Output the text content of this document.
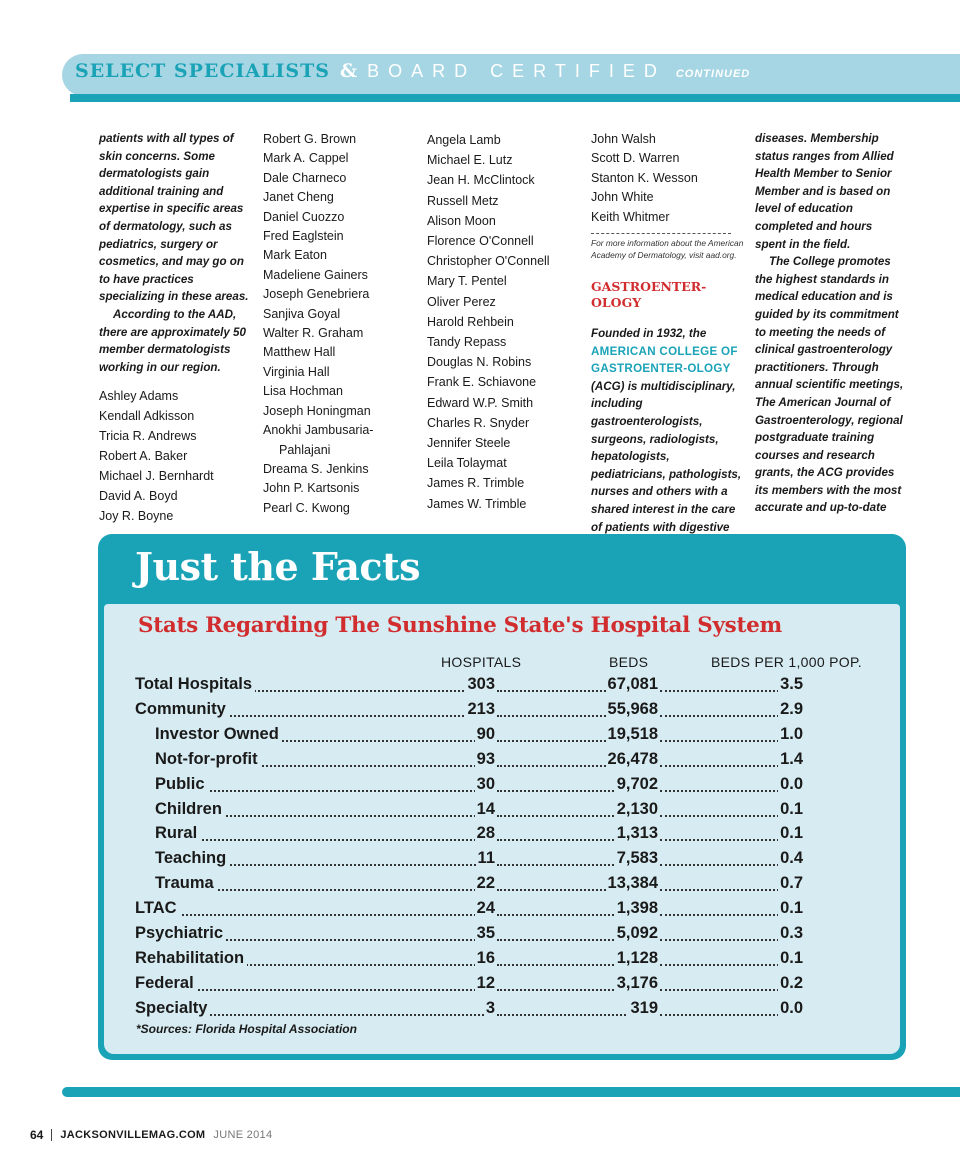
SELECT SPECIALISTS & BOARD CERTIFIED CONTINUED

patients with all types of skin concerns. Some dermatologists gain additional training and expertise in specific areas of dermatology, such as pediatrics, surgery or cosmetics, and may go on to have practices specializing in these areas.

According to the AAD, there are approximately 50 member dermatologists working in our region.

Ashley Adams
Kendall Adkisson
Tricia R. Andrews
Robert A. Baker
Michael J. Bernhardt
David A. Boyd
Joy R. Boyne
Robert G. Brown
Mark A. Cappel
Dale Charneco
Janet Cheng
Daniel Cuozzo
Fred Eaglstein
Mark Eaton
Madeliene Gainers
Joseph Genebriera
Sanjiva Goyal
Walter R. Graham
Matthew Hall
Virginia Hall
Lisa Hochman
Joseph Honingman
Anokhi Jambusaria-Pahlajani
Dreama S. Jenkins
John P. Kartsonis
Pearl C. Kwong
Angela Lamb
Michael E. Lutz
Jean H. McClintock
Russell Metz
Alison Moon
Florence O'Connell
Christopher O'Connell
Mary T. Pentel
Oliver Perez
Harold Rehbein
Tandy Repass
Douglas N. Robins
Frank E. Schiavone
Edward W.P. Smith
Charles R. Snyder
Jennifer Steele
Leila Tolaymat
James R. Trimble
James W. Trimble
John Walsh
Scott D. Warren
Stanton K. Wesson
John White
Keith Whitmer
For more information about the American Academy of Dermatology, visit aad.org.
GASTROENTER-OLOGY

Founded in 1932, the AMERICAN COLLEGE OF GASTROENTER-OLOGY (ACG) is multidisciplinary, including gastroenterologists, surgeons, radiologists, hepatologists, pediatricians, pathologists, nurses and others with a shared interest in the care of patients with digestive

diseases. Membership status ranges from Allied Health Member to Senior Member and is based on level of education completed and hours spent in the field.

The College promotes the highest standards in medical education and is guided by its commitment to meeting the needs of clinical gastroenterology practitioners. Through annual scientific meetings, The American Journal of Gastroenterology, regional postgraduate training courses and research grants, the ACG provides its members with the most accurate and up-to-date

Just the Facts
Stats Regarding The Sunshine State's Hospital System
HOSPITALS	BEDS	BEDS PER 1,000 POP.
Total Hospitals	303	67,081	3.5
Community	213	55,968	2.9
Investor Owned	90	19,518	1.0
Not-for-profit	93	26,478	1.4
Public	30	9,702	0.0
Children	14	2,130	0.1
Rural	28	1,313	0.1
Teaching	11	7,583	0.4
Trauma	22	13,384	0.7
LTAC	24	1,398	0.1
Psychiatric	35	5,092	0.3
Rehabilitation	16	1,128	0.1
Federal	12	3,176	0.2
Specialty	3	319	0.0
*Sources: Florida Hospital Association
64 JACKSONVILLEMAG.COM JUNE 2014
